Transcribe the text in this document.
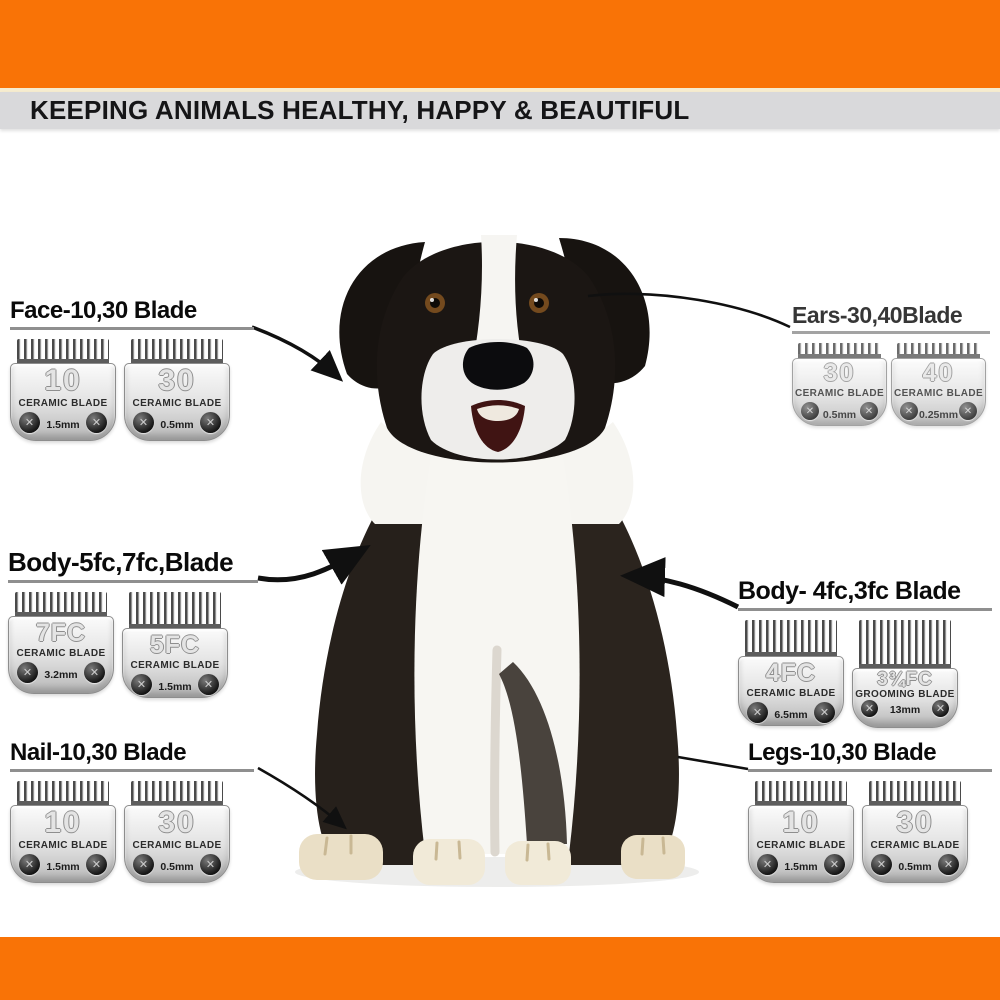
KEEPING ANIMALS HEALTHY, HAPPY & BEAUTIFUL
Face-10,30 Blade
10
CERAMIC BLADE
✕	1.5mm	✕
30
CERAMIC BLADE
✕	0.5mm	✕
Ears-30,40Blade
30
CERAMIC BLADE
✕ 0.5mm ✕
40
CERAMIC BLADE
✕ 0.25mm ✕
Body-5fc,7fc,Blade
7FC
CERAMIC BLADE
✕	3.2mm	✕
5FC
CERAMIC BLADE
✕	1.5mm	✕
Body- 4fc,3fc Blade
4FC
CERAMIC BLADE
✕	6.5mm	✕
3¾FC
GROOMING BLADE
✕	13mm	✕
Nail-10,30 Blade
10
CERAMIC BLADE
✕	1.5mm	✕
30
CERAMIC BLADE
✕	0.5mm	✕
Legs-10,30 Blade
10
CERAMIC BLADE
✕	1.5mm	✕
30
CERAMIC BLADE
✕	0.5mm	✕
